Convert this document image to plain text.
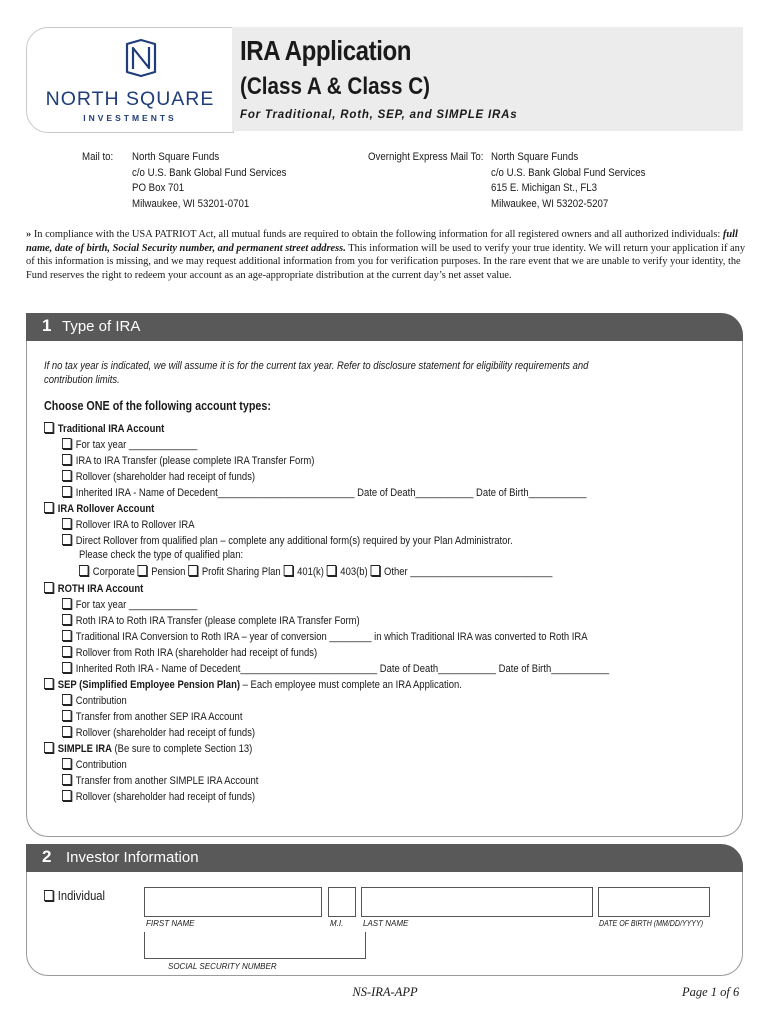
NORTH SQUARE
INVESTMENTS
IRA Application
(Class A & Class C)
For Traditional, Roth, SEP, and SIMPLE IRAs
Mail to: North Square Funds
c/o U.S. Bank Global Fund Services
PO Box 701
Milwaukee, WI 53201-0701
Overnight Express Mail To: North Square Funds
c/o U.S. Bank Global Fund Services
615 E. Michigan St., FL3
Milwaukee, WI 53202-5207
» In compliance with the USA PATRIOT Act, all mutual funds are required to obtain the following information for all registered owners and all authorized individuals: full name, date of birth, Social Security number, and permanent street address. This information will be used to verify your true identity. We will return your application if any of this information is missing, and we may request additional information from you for verification purposes. In the rare event that we are unable to verify your identity, the Fund reserves the right to redeem your account as an age-appropriate distribution at the current day’s net asset value.
1 Type of IRA
If no tax year is indicated, we will assume it is for the current tax year. Refer to disclosure statement for eligibility requirements and
contribution limits.
Choose ONE of the following account types:
Traditional IRA Account
For tax year _____________
IRA to IRA Transfer (please complete IRA Transfer Form)
Rollover (shareholder had receipt of funds)
Inherited IRA - Name of Decedent__________________________ Date of Death___________ Date of Birth___________
IRA Rollover Account
Rollover IRA to Rollover IRA
Direct Rollover from qualified plan – complete any additional form(s) required by your Plan Administrator.
Please check the type of qualified plan:
Corporate Pension Profit Sharing Plan 401(k) 403(b) Other ___________________________
ROTH IRA Account
For tax year _____________
Roth IRA to Roth IRA Transfer (please complete IRA Transfer Form)
Traditional IRA Conversion to Roth IRA – year of conversion ________ in which Traditional IRA was converted to Roth IRA
Rollover from Roth IRA (shareholder had receipt of funds)
Inherited Roth IRA - Name of Decedent__________________________ Date of Death___________ Date of Birth___________
SEP (Simplified Employee Pension Plan) – Each employee must complete an IRA Application.
Contribution
Transfer from another SEP IRA Account
Rollover (shareholder had receipt of funds)
SIMPLE IRA (Be sure to complete Section 13)
Contribution
Transfer from another SIMPLE IRA Account
Rollover (shareholder had receipt of funds)
2 Investor Information
Individual
FIRST NAME	M.I. LAST NAME	DATE OF BIRTH (MM/DD/YYYY)
SOCIAL SECURITY NUMBER
NS-IRA-APP	Page 1 of 6
